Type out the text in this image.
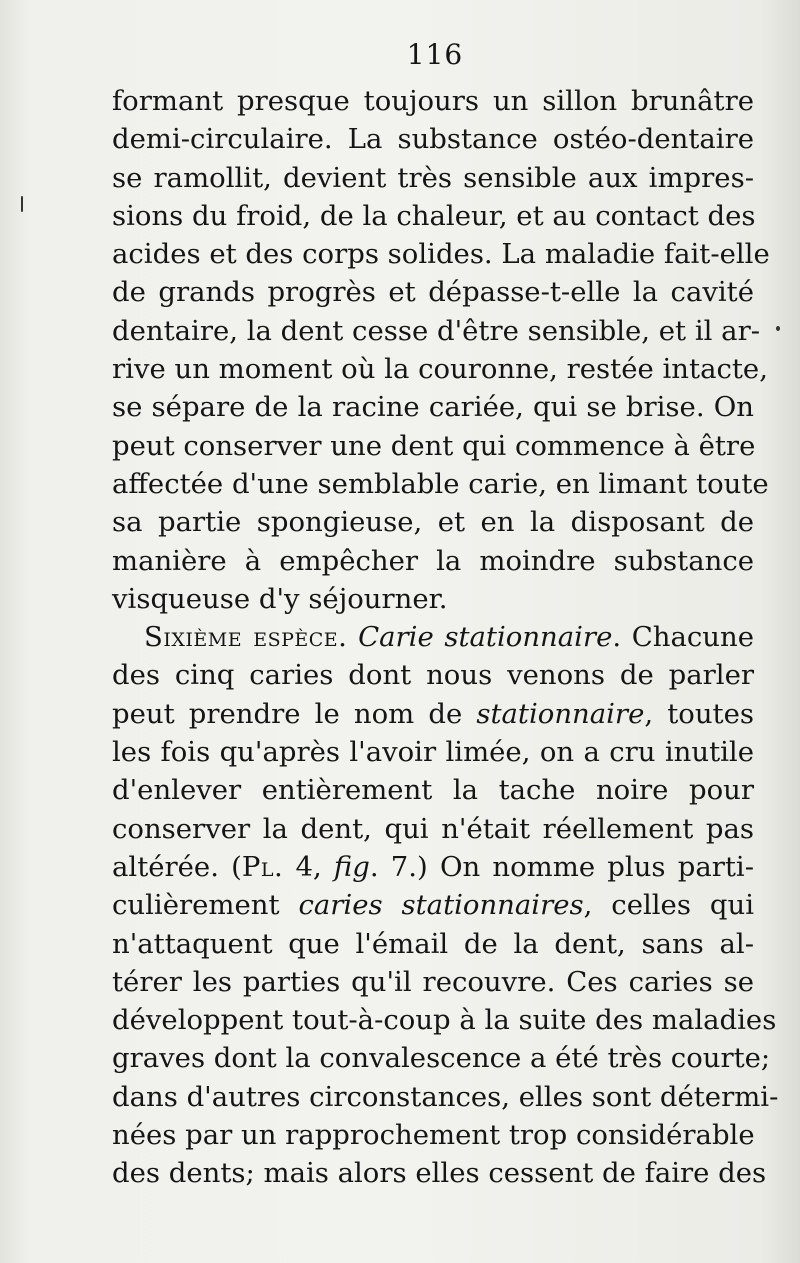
116
formant presque toujours un sillon brunâtre
demi-circulaire. La substance ostéo-dentaire
se ramollit, devient très sensible aux impres-
sions du froid, de la chaleur, et au contact des
acides et des corps solides. La maladie fait-elle
de grands progrès et dépasse-t-elle la cavité
dentaire, la dent cesse d'être sensible, et il ar-
rive un moment où la couronne, restée intacte,
se sépare de la racine cariée, qui se brise. On
peut conserver une dent qui commence à être
affectée d'une semblable carie, en limant toute
sa partie spongieuse, et en la disposant de
manière à empêcher la moindre substance
visqueuse d'y séjourner.
Sixième espèce. Carie stationnaire. Chacune
des cinq caries dont nous venons de parler
peut prendre le nom de stationnaire, toutes
les fois qu'après l'avoir limée, on a cru inutile
d'enlever entièrement la tache noire pour
conserver la dent, qui n'était réellement pas
altérée. (Pl. 4, fig. 7.) On nomme plus parti-
culièrement caries stationnaires, celles qui
n'attaquent que l'émail de la dent, sans al-
térer les parties qu'il recouvre. Ces caries se
développent tout-à-coup à la suite des maladies
graves dont la convalescence a été très courte;
dans d'autres circonstances, elles sont détermi-
nées par un rapprochement trop considérable
des dents; mais alors elles cessent de faire des
